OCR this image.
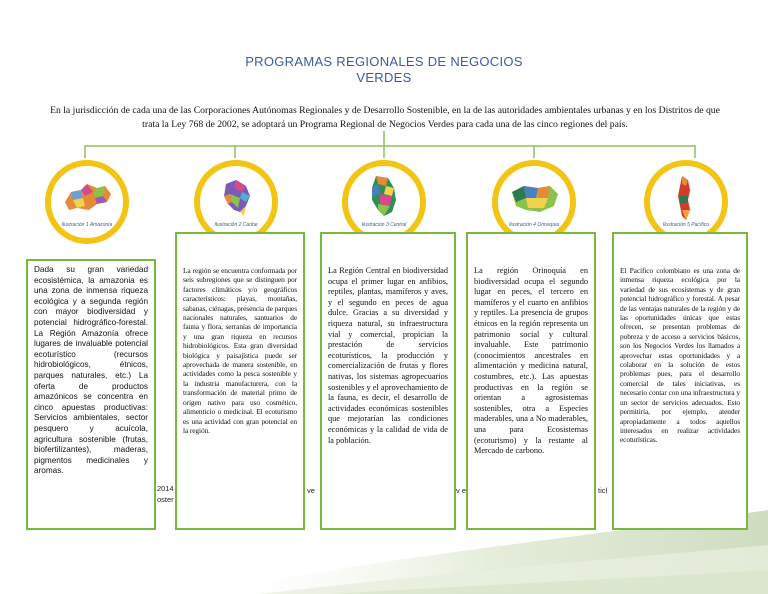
PROGRAMAS REGIONALES DE NEGOCIOS
VERDES
En la jurisdicción de cada una de las Corporaciones Autónomas Regionales y de Desarrollo Sostenible, en la de las autoridades ambientales urbanas y en los Distritos de que trata la Ley 768 de 2002, se adoptará un Programa Regional de Negocios Verdes para cada una de las cinco regiones del país.
Ilustración 1 Amazonía	Ilustración 2 Caribe	Ilustración 3 Central	Ilustración 4 Orinoquia	Ilustración 5 Pacífico
Dada su gran variedad ecosistémica, la amazonia es una zona de inmensa riqueza ecológica y a segunda región con mayor biodiversidad y potencial hidrográfico-forestal. La Región Amazonía ofrece lugares de invaluable potencial ecoturístico (recursos hidrobiológicos, étnicos, parques naturales, etc.) La oferta de productos amazónicos se concentra en cinco apuestas productivas: Servicios ambientales, sector pesquero y acuícola, agricultura sostenible (frutas, biofertilizantes), maderas, pigmentos medicinales y aromas.
La región se encuentra conformada por seis subregiones que se distinguen por factores climáticos y/o geográficos característicos: playas, montañas, sabanas, ciénagas, presencia de parques nacionales naturales, santuarios de fauna y flora, serranías de importancia y una gran riqueza en recursos hidrobiológicos. Esta gran diversidad biológica y paisajística puede ser aprovechada de manera sostenible, en actividades como la pesca sostenible y la industria manufacturera, con la transformación de material primo de origen nativo para uso cosmético, alimenticio o medicinal. El ecoturismo es una actividad con gran potencial en la región.
La Región Central en biodiversidad ocupa el primer lugar en anfibios, reptiles, plantas, mamíferos y aves, y el segundo en peces de agua dulce. Gracias a su diversidad y riqueza natural, su infraestructura vial y comercial, propician la prestación de servicios ecoturísticos, la producción y comercialización de frutas y flores nativas, los sistemas agropecuarios sostenibles y el aprovechamiento de la fauna, es decir, el desarrollo de actividades económicas sostenibles que mejorarían las condiciones económicas y la calidad de vida de la población.
La región Orinoquía en biodiversidad ocupa el segundo lugar en peces, el tercero en mamíferos y el cuarto en anfibios y reptiles. La presencia de grupos étnicos en la región representa un patrimonio social y cultural invaluable. Este patrimonio (conocimientos ancestrales en alimentación y medicina natural, costumbres, etc.). Las apuestas productivas en la región se orientan a agrosistemas sostenibles, otra a Especies maderables, una a No maderables, una para Ecosistemas (ecoturismo) y la restante al Mercado de carbono.
El Pacífico colombiano es una zona de inmensa riqueza ecológica por la variedad de sus ecosistemas y de gran potencial hidrográfico y forestal. A pesar de las ventajas naturales de la región y de las oportunidades únicas que estas ofrecen, se presentan problemas de pobreza y de acceso a servicios básicos, son los Negocios Verdes los llamados a aprovechar estas oportunidades y a colaborar en la solución de estos problemas pues, para el desarrollo comercial de tales iniciativas, es necesario contar con una infraestructura y un sector de servicios adecuados. Esto permitiría, por ejemplo, atender apropiadamente a todos aquellos interesados en realizar actividades ecoturísticas.
2014
oster
ve	v e	ticl
